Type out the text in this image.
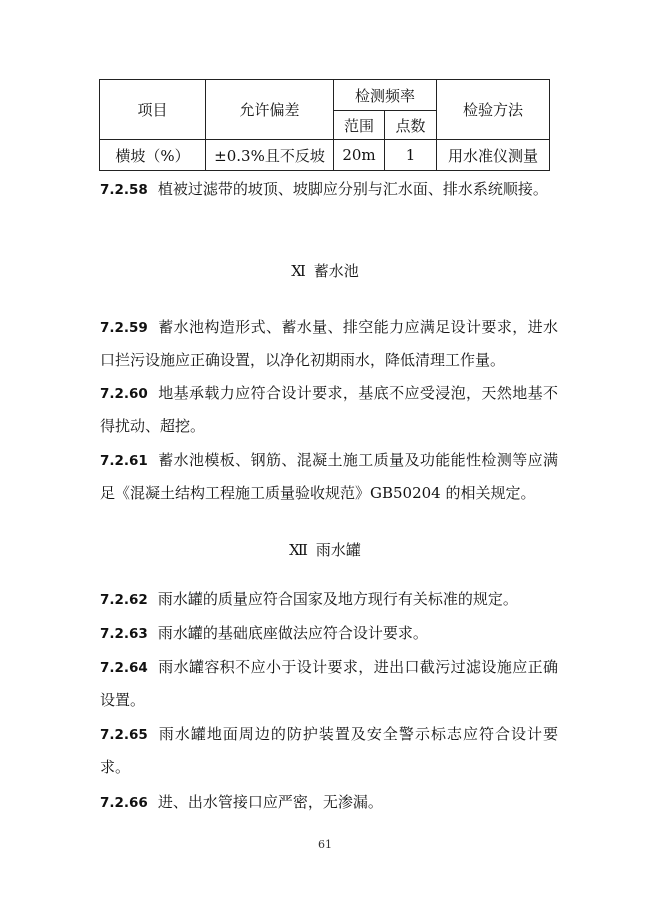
项目	允许偏差	检测频率		检验方法
		范围	点数	
横坡（%）	±0.3%且不反坡	20m	1	用水准仪测量
7.2.58 植被过滤带的坡顶、坡脚应分别与汇水面、排水系统顺接。
Ⅺ 蓄水池
7.2.59 蓄水池构造形式、蓄水量、排空能力应满足设计要求，进水口拦污设施应正确设置，以净化初期雨水，降低清理工作量。
7.2.60 地基承载力应符合设计要求，基底不应受浸泡，天然地基不得扰动、超挖。
7.2.61 蓄水池模板、钢筋、混凝土施工质量及功能能性检测等应满足《混凝土结构工程施工质量验收规范》GB50204 的相关规定。
Ⅻ 雨水罐
7.2.62 雨水罐的质量应符合国家及地方现行有关标准的规定。
7.2.63 雨水罐的基础底座做法应符合设计要求。
7.2.64 雨水罐容积不应小于设计要求，进出口截污过滤设施应正确设置。
7.2.65 雨水罐地面周边的防护装置及安全警示标志应符合设计要求。
7.2.66 进、出水管接口应严密，无渗漏。
61
